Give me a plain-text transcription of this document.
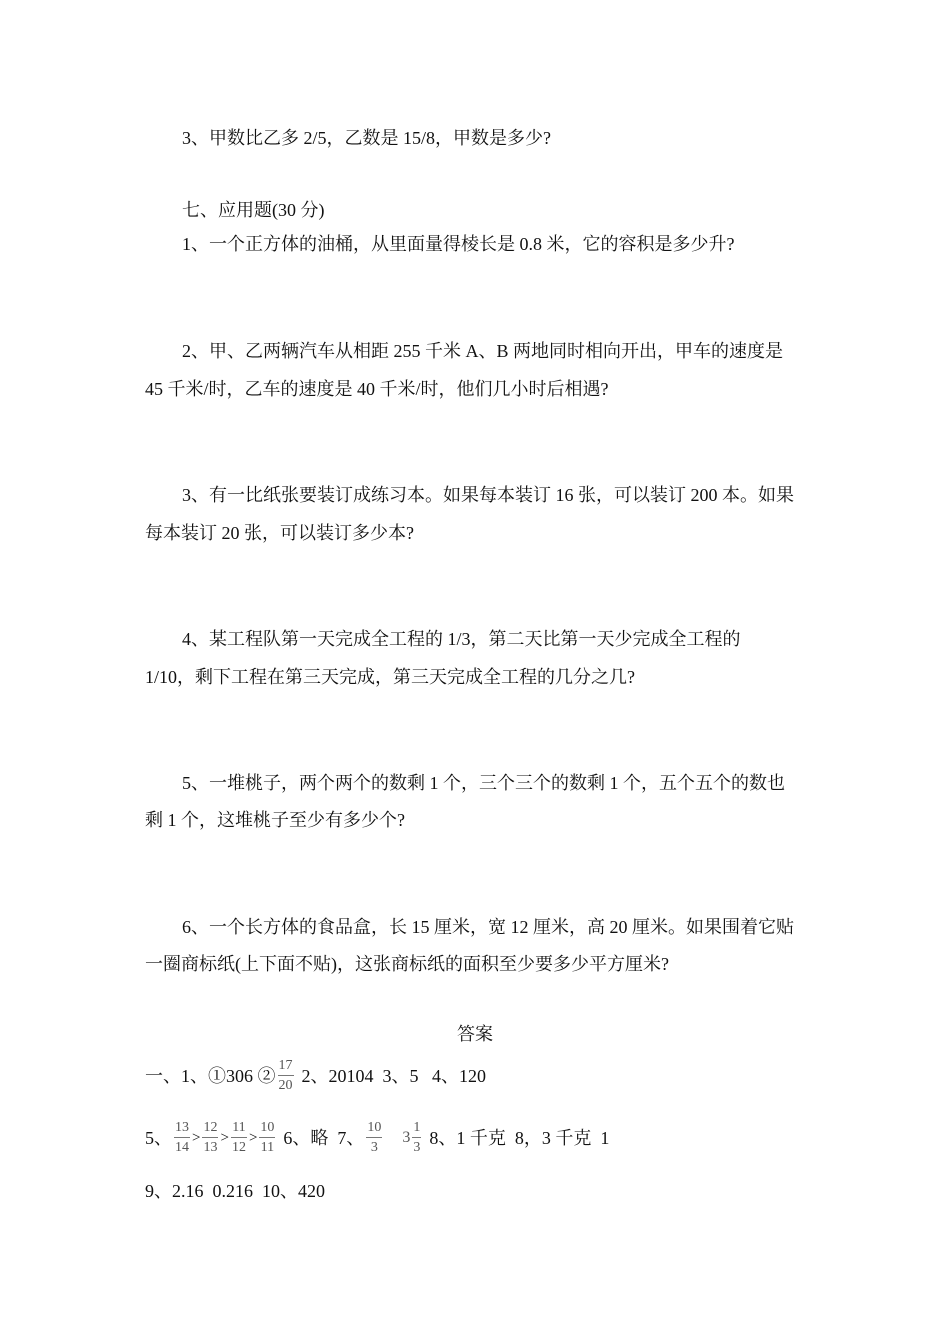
3、甲数比乙多 2/5，乙数是 15/8，甲数是多少?
七、应用题(30 分)
1、一个正方体的油桶，从里面量得棱长是 0.8 米，它的容积是多少升?
2、甲、乙两辆汽车从相距 255 千米 A、B 两地同时相向开出，甲车的速度是
45 千米/时，乙车的速度是 40 千米/时，他们几小时后相遇?
3、有一比纸张要装订成练习本。如果每本装订 16 张，可以装订 200 本。如果
每本装订 20 张，可以装订多少本?
4、某工程队第一天完成全工程的 1/3，第二天比第一天少完成全工程的
1/10，剩下工程在第三天完成，第三天完成全工程的几分之几?
5、一堆桃子，两个两个的数剩 1 个，三个三个的数剩 1 个，五个五个的数也
剩 1 个，这堆桃子至少有多少个?
6、一个长方体的食品盒，长 15 厘米，宽 12 厘米，高 20 厘米。如果围着它贴
一圈商标纸(上下面不贴)，这张商标纸的面积至少要多少平方厘米?
答案
一、1、①306 ② $\frac{17}{20} 2$、20104  3、5   4、120
5、 $\frac{13}{14} > \frac{12}{13} > \frac{11}{12} > \frac{10}{11} 6$、略  7、 $\frac{10}{3} 3 \frac{1}{3} 8$、1 千克  8，3 千克  1
9、2.16  0.216  10、420
